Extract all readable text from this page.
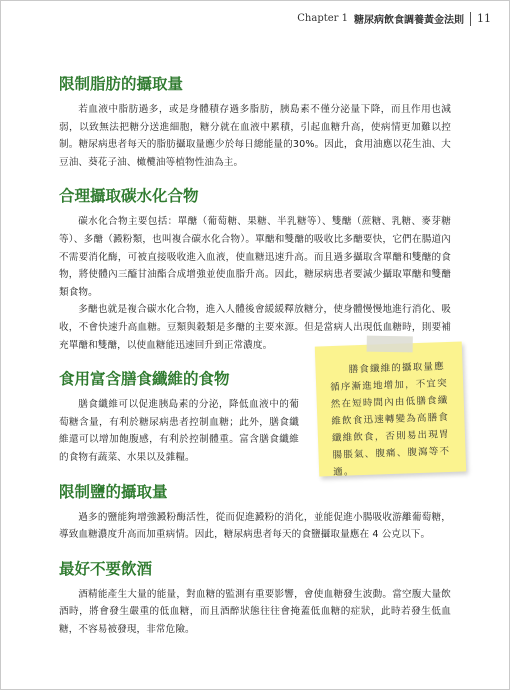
Chapter 1 糖尿病飲食調養黃金法則 11
限制脂肪的攝取量

若血液中脂肪過多，或是身體積存過多脂肪，胰島素不僅分泌量下降，而且作用也減弱，以致無法把糖分送進細胞，糖分就在血液中累積，引起血糖升高，使病情更加難以控制。糖尿病患者每天的脂肪攝取量應少於每日總能量的30%。因此，食用油應以花生油、大豆油、葵花子油、橄欖油等植物性油為主。

合理攝取碳水化合物

碳水化合物主要包括：單醣（葡萄糖、果糖、半乳糖等）、雙醣（蔗糖、乳糖、麥芽糖等）、多醣（澱粉類，也叫複合碳水化合物）。單醣和雙醣的吸收比多醣要快，它們在腸道內不需要消化酶，可被直接吸收進入血液，使血糖迅速升高。而且過多攝取含單醣和雙醣的食物，將使體內三醯甘油酯合成增強並使血脂升高。因此，糖尿病患者要減少攝取單醣和雙醣類食物。

多醣也就是複合碳水化合物，進入人體後會緩緩釋放糖分，使身體慢慢地進行消化、吸收，不會快速升高血糖。豆類與穀類是多醣的主要來源。但是當病人出現低血糖時，則要補充單醣和雙醣，以使血糖能迅速回升到正常濃度。

食用富含膳食纖維的食物

膳食纖維可以促進胰島素的分泌，降低血液中的葡萄糖含量，有利於糖尿病患者控制血糖；此外，膳食纖維還可以增加飽腹感，有利於控制體重。富含膳食纖維的食物有蔬菜、水果以及雜糧。

限制鹽的攝取量

過多的鹽能夠增強澱粉酶活性，從而促進澱粉的消化，並能促進小腸吸收游離葡萄糖，導致血糖濃度升高而加重病情。因此，糖尿病患者每天的食鹽攝取量應在 4 公克以下。

最好不要飲酒

酒精能產生大量的能量，對血糖的監測有重要影響，會使血糖發生波動。當空腹大量飲酒時，將會發生嚴重的低血糖，而且酒醉狀態往往會掩蓋低血糖的症狀，此時若發生低血糖，不容易被發現，非常危險。

膳食纖維的攝取量應循序漸進地增加，不宜突然在短時間內由低膳食纖維飲食迅速轉變為高膳食纖維飲食，否則易出現胃腸脹氣、腹痛、腹瀉等不適。
